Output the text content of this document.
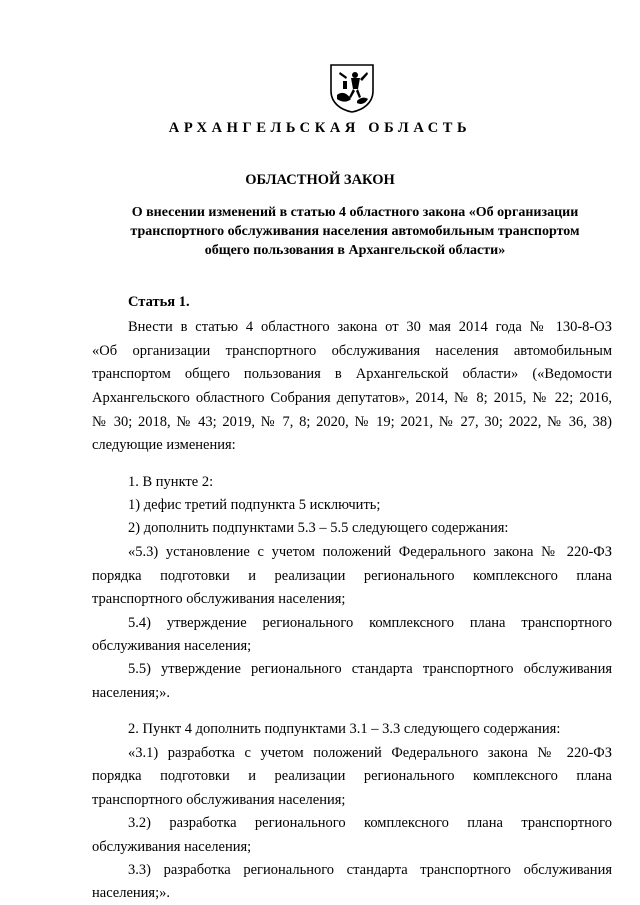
АРХАНГЕЛЬСКАЯ ОБЛАСТЬ
ОБЛАСТНОЙ ЗАКОН
О внесении изменений в статью 4 областного закона «Об организации
транспортного обслуживания населения автомобильным транспортом
общего пользования в Архангельской области»
Статья 1.
Внести в статью 4 областного закона от 30 мая 2014 года № 130-8-ОЗ
«Об организации транспортного обслуживания населения автомобильным
транспортом общего пользования в Архангельской области» («Ведомости
Архангельского областного Собрания депутатов», 2014, № 8; 2015, № 22; 2016,
№ 30; 2018, № 43; 2019, № 7, 8; 2020, № 19; 2021, № 27, 30; 2022, № 36, 38)
следующие изменения:
1. В пункте 2:
1) дефис третий подпункта 5 исключить;
2) дополнить подпунктами 5.3 – 5.5 следующего содержания:
«5.3) установление с учетом положений Федерального закона № 220-ФЗ
порядка подготовки и реализации регионального комплексного плана
транспортного обслуживания населения;
5.4) утверждение регионального комплексного плана транспортного
обслуживания населения;
5.5) утверждение регионального стандарта транспортного обслуживания
населения;».
2. Пункт 4 дополнить подпунктами 3.1 – 3.3 следующего содержания:
«3.1) разработка с учетом положений Федерального закона № 220-ФЗ
порядка подготовки и реализации регионального комплексного плана
транспортного обслуживания населения;
3.2) разработка регионального комплексного плана транспортного
обслуживания населения;
3.3) разработка регионального стандарта транспортного обслуживания
населения;».
